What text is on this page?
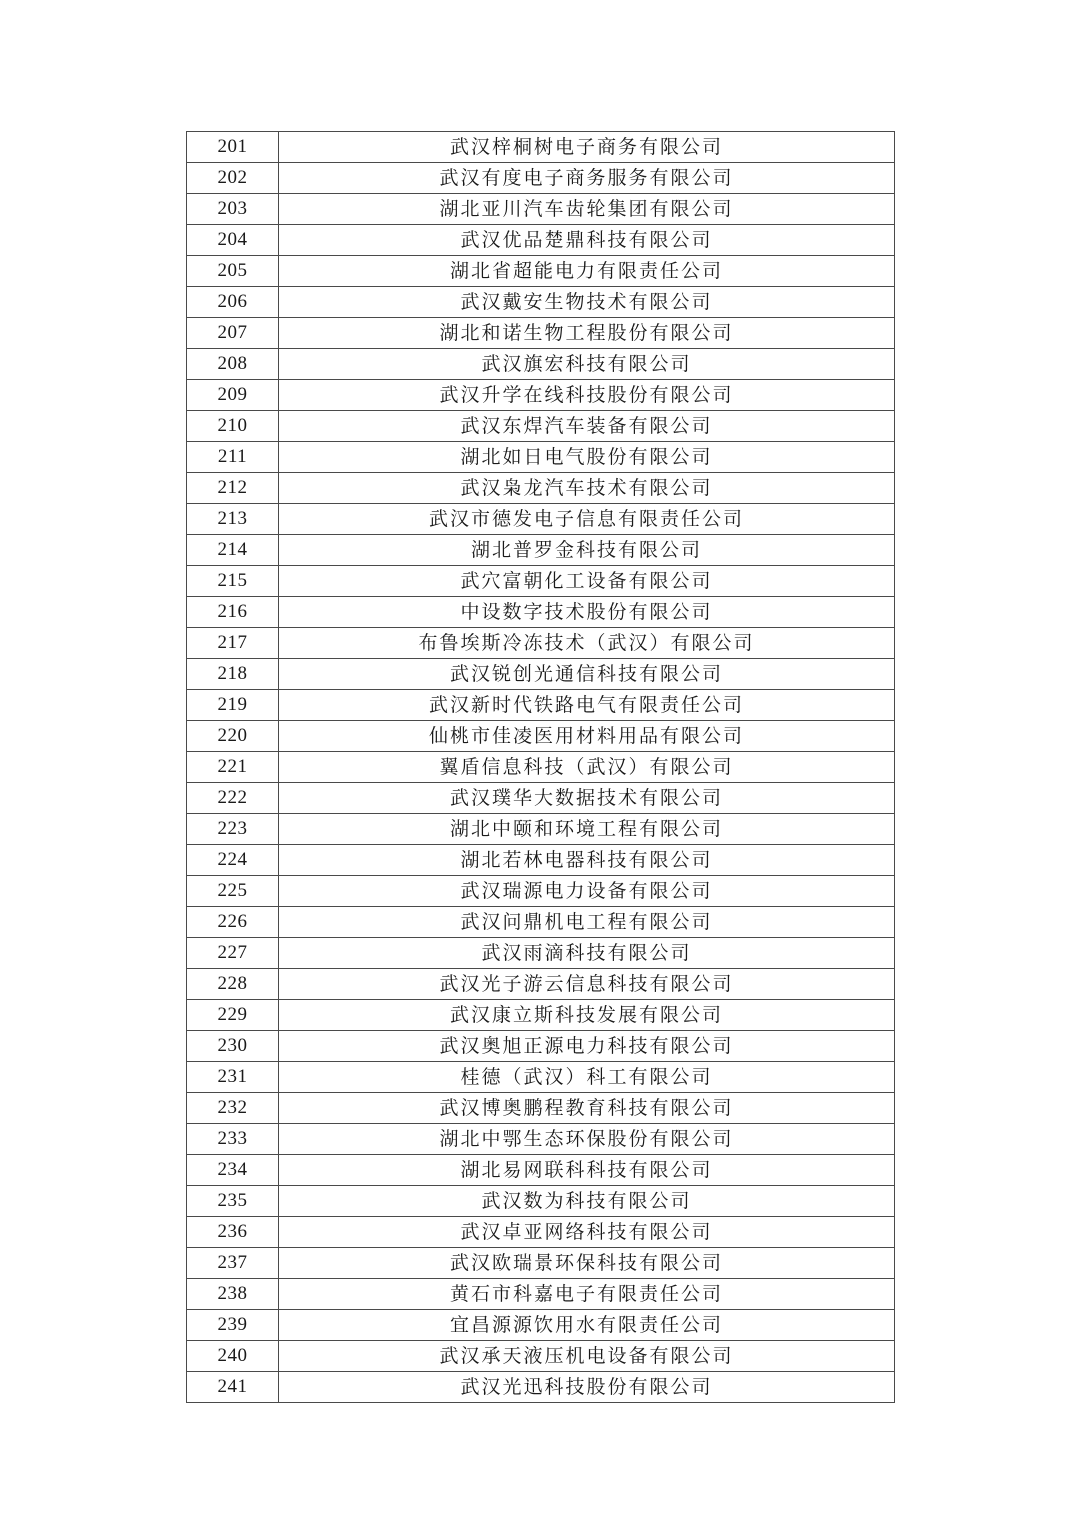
201	武汉梓桐树电子商务有限公司
202	武汉有度电子商务服务有限公司
203	湖北亚川汽车齿轮集团有限公司
204	武汉优品楚鼎科技有限公司
205	湖北省超能电力有限责任公司
206	武汉戴安生物技术有限公司
207	湖北和诺生物工程股份有限公司
208	武汉旗宏科技有限公司
209	武汉升学在线科技股份有限公司
210	武汉东焊汽车装备有限公司
211	湖北如日电气股份有限公司
212	武汉枭龙汽车技术有限公司
213	武汉市德发电子信息有限责任公司
214	湖北普罗金科技有限公司
215	武穴富朝化工设备有限公司
216	中设数字技术股份有限公司
217	布鲁埃斯冷冻技术（武汉）有限公司
218	武汉锐创光通信科技有限公司
219	武汉新时代铁路电气有限责任公司
220	仙桃市佳凌医用材料用品有限公司
221	翼盾信息科技（武汉）有限公司
222	武汉璞华大数据技术有限公司
223	湖北中颐和环境工程有限公司
224	湖北若林电器科技有限公司
225	武汉瑞源电力设备有限公司
226	武汉问鼎机电工程有限公司
227	武汉雨滴科技有限公司
228	武汉光子游云信息科技有限公司
229	武汉康立斯科技发展有限公司
230	武汉奥旭正源电力科技有限公司
231	桂德（武汉）科工有限公司
232	武汉博奥鹏程教育科技有限公司
233	湖北中鄂生态环保股份有限公司
234	湖北易网联科科技有限公司
235	武汉数为科技有限公司
236	武汉卓亚网络科技有限公司
237	武汉欧瑞景环保科技有限公司
238	黄石市科嘉电子有限责任公司
239	宜昌源源饮用水有限责任公司
240	武汉承天液压机电设备有限公司
241	武汉光迅科技股份有限公司
